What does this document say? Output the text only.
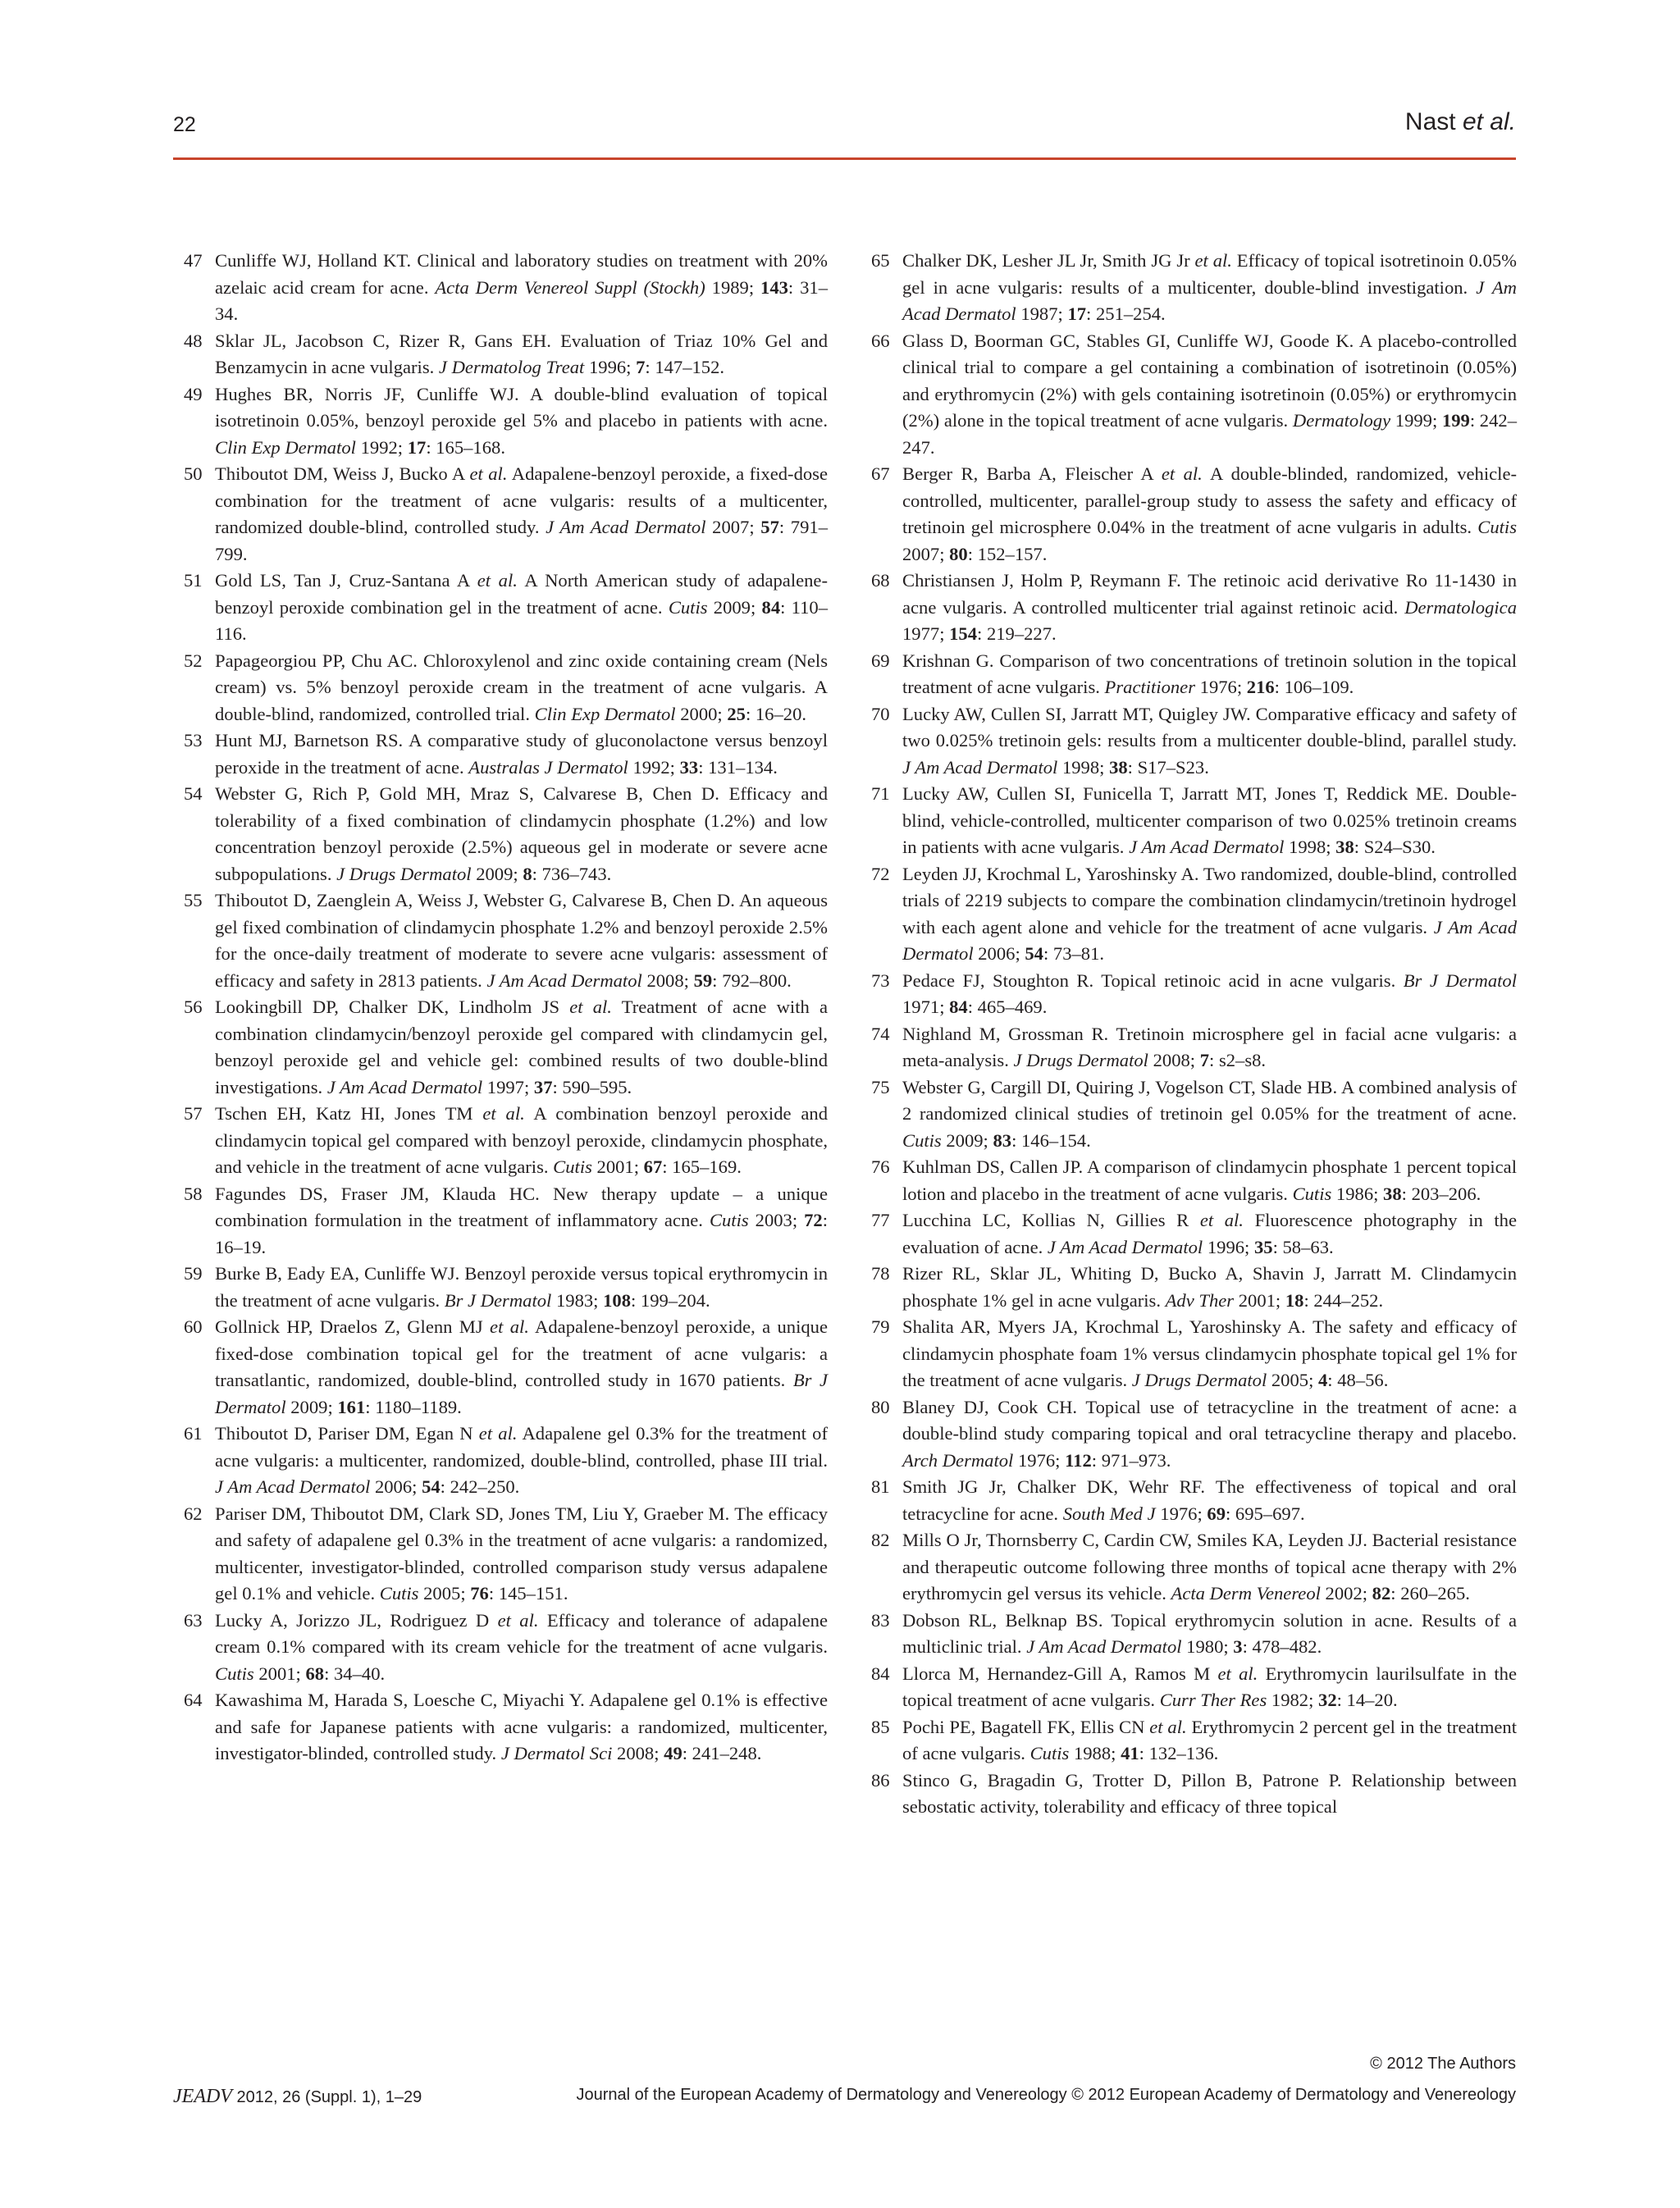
22	Nast et al.
47 Cunliffe WJ, Holland KT. Clinical and laboratory studies on treatment with 20% azelaic acid cream for acne. Acta Derm Venereol Suppl (Stockh) 1989; 143: 31–34.
48 Sklar JL, Jacobson C, Rizer R, Gans EH. Evaluation of Triaz 10% Gel and Benzamycin in acne vulgaris. J Dermatolog Treat 1996; 7: 147–152.
49 Hughes BR, Norris JF, Cunliffe WJ. A double-blind evaluation of topical isotretinoin 0.05%, benzoyl peroxide gel 5% and placebo in patients with acne. Clin Exp Dermatol 1992; 17: 165–168.
50 Thiboutot DM, Weiss J, Bucko A et al. Adapalene-benzoyl peroxide, a fixed-dose combination for the treatment of acne vulgaris: results of a multicenter, randomized double-blind, controlled study. J Am Acad Dermatol 2007; 57: 791–799.
51 Gold LS, Tan J, Cruz-Santana A et al. A North American study of adapalene-benzoyl peroxide combination gel in the treatment of acne. Cutis 2009; 84: 110–116.
52 Papageorgiou PP, Chu AC. Chloroxylenol and zinc oxide containing cream (Nels cream) vs. 5% benzoyl peroxide cream in the treatment of acne vulgaris. A double-blind, randomized, controlled trial. Clin Exp Dermatol 2000; 25: 16–20.
53 Hunt MJ, Barnetson RS. A comparative study of gluconolactone versus benzoyl peroxide in the treatment of acne. Australas J Dermatol 1992; 33: 131–134.
54 Webster G, Rich P, Gold MH, Mraz S, Calvarese B, Chen D. Efficacy and tolerability of a fixed combination of clindamycin phosphate (1.2%) and low concentration benzoyl peroxide (2.5%) aqueous gel in moderate or severe acne subpopulations. J Drugs Dermatol 2009; 8: 736–743.
55 Thiboutot D, Zaenglein A, Weiss J, Webster G, Calvarese B, Chen D. An aqueous gel fixed combination of clindamycin phosphate 1.2% and benzoyl peroxide 2.5% for the once-daily treatment of moderate to severe acne vulgaris: assessment of efficacy and safety in 2813 patients. J Am Acad Dermatol 2008; 59: 792–800.
56 Lookingbill DP, Chalker DK, Lindholm JS et al. Treatment of acne with a combination clindamycin/benzoyl peroxide gel compared with clindamycin gel, benzoyl peroxide gel and vehicle gel: combined results of two double-blind investigations. J Am Acad Dermatol 1997; 37: 590–595.
57 Tschen EH, Katz HI, Jones TM et al. A combination benzoyl peroxide and clindamycin topical gel compared with benzoyl peroxide, clindamycin phosphate, and vehicle in the treatment of acne vulgaris. Cutis 2001; 67: 165–169.
58 Fagundes DS, Fraser JM, Klauda HC. New therapy update – a unique combination formulation in the treatment of inflammatory acne. Cutis 2003; 72: 16–19.
59 Burke B, Eady EA, Cunliffe WJ. Benzoyl peroxide versus topical erythromycin in the treatment of acne vulgaris. Br J Dermatol 1983; 108: 199–204.
60 Gollnick HP, Draelos Z, Glenn MJ et al. Adapalene-benzoyl peroxide, a unique fixed-dose combination topical gel for the treatment of acne vulgaris: a transatlantic, randomized, double-blind, controlled study in 1670 patients. Br J Dermatol 2009; 161: 1180–1189.
61 Thiboutot D, Pariser DM, Egan N et al. Adapalene gel 0.3% for the treatment of acne vulgaris: a multicenter, randomized, double-blind, controlled, phase III trial. J Am Acad Dermatol 2006; 54: 242–250.
62 Pariser DM, Thiboutot DM, Clark SD, Jones TM, Liu Y, Graeber M. The efficacy and safety of adapalene gel 0.3% in the treatment of acne vulgaris: a randomized, multicenter, investigator-blinded, controlled comparison study versus adapalene gel 0.1% and vehicle. Cutis 2005; 76: 145–151.
63 Lucky A, Jorizzo JL, Rodriguez D et al. Efficacy and tolerance of adapalene cream 0.1% compared with its cream vehicle for the treatment of acne vulgaris. Cutis 2001; 68: 34–40.
64 Kawashima M, Harada S, Loesche C, Miyachi Y. Adapalene gel 0.1% is effective and safe for Japanese patients with acne vulgaris: a randomized, multicenter, investigator-blinded, controlled study. J Dermatol Sci 2008; 49: 241–248.
65 Chalker DK, Lesher JL Jr, Smith JG Jr et al. Efficacy of topical isotretinoin 0.05% gel in acne vulgaris: results of a multicenter, double-blind investigation. J Am Acad Dermatol 1987; 17: 251–254.
66 Glass D, Boorman GC, Stables GI, Cunliffe WJ, Goode K. A placebo-controlled clinical trial to compare a gel containing a combination of isotretinoin (0.05%) and erythromycin (2%) with gels containing isotretinoin (0.05%) or erythromycin (2%) alone in the topical treatment of acne vulgaris. Dermatology 1999; 199: 242–247.
67 Berger R, Barba A, Fleischer A et al. A double-blinded, randomized, vehicle-controlled, multicenter, parallel-group study to assess the safety and efficacy of tretinoin gel microsphere 0.04% in the treatment of acne vulgaris in adults. Cutis 2007; 80: 152–157.
68 Christiansen J, Holm P, Reymann F. The retinoic acid derivative Ro 11-1430 in acne vulgaris. A controlled multicenter trial against retinoic acid. Dermatologica 1977; 154: 219–227.
69 Krishnan G. Comparison of two concentrations of tretinoin solution in the topical treatment of acne vulgaris. Practitioner 1976; 216: 106–109.
70 Lucky AW, Cullen SI, Jarratt MT, Quigley JW. Comparative efficacy and safety of two 0.025% tretinoin gels: results from a multicenter double-blind, parallel study. J Am Acad Dermatol 1998; 38: S17–S23.
71 Lucky AW, Cullen SI, Funicella T, Jarratt MT, Jones T, Reddick ME. Double-blind, vehicle-controlled, multicenter comparison of two 0.025% tretinoin creams in patients with acne vulgaris. J Am Acad Dermatol 1998; 38: S24–S30.
72 Leyden JJ, Krochmal L, Yaroshinsky A. Two randomized, double-blind, controlled trials of 2219 subjects to compare the combination clindamycin/tretinoin hydrogel with each agent alone and vehicle for the treatment of acne vulgaris. J Am Acad Dermatol 2006; 54: 73–81.
73 Pedace FJ, Stoughton R. Topical retinoic acid in acne vulgaris. Br J Dermatol 1971; 84: 465–469.
74 Nighland M, Grossman R. Tretinoin microsphere gel in facial acne vulgaris: a meta-analysis. J Drugs Dermatol 2008; 7: s2–s8.
75 Webster G, Cargill DI, Quiring J, Vogelson CT, Slade HB. A combined analysis of 2 randomized clinical studies of tretinoin gel 0.05% for the treatment of acne. Cutis 2009; 83: 146–154.
76 Kuhlman DS, Callen JP. A comparison of clindamycin phosphate 1 percent topical lotion and placebo in the treatment of acne vulgaris. Cutis 1986; 38: 203–206.
77 Lucchina LC, Kollias N, Gillies R et al. Fluorescence photography in the evaluation of acne. J Am Acad Dermatol 1996; 35: 58–63.
78 Rizer RL, Sklar JL, Whiting D, Bucko A, Shavin J, Jarratt M. Clindamycin phosphate 1% gel in acne vulgaris. Adv Ther 2001; 18: 244–252.
79 Shalita AR, Myers JA, Krochmal L, Yaroshinsky A. The safety and efficacy of clindamycin phosphate foam 1% versus clindamycin phosphate topical gel 1% for the treatment of acne vulgaris. J Drugs Dermatol 2005; 4: 48–56.
80 Blaney DJ, Cook CH. Topical use of tetracycline in the treatment of acne: a double-blind study comparing topical and oral tetracycline therapy and placebo. Arch Dermatol 1976; 112: 971–973.
81 Smith JG Jr, Chalker DK, Wehr RF. The effectiveness of topical and oral tetracycline for acne. South Med J 1976; 69: 695–697.
82 Mills O Jr, Thornsberry C, Cardin CW, Smiles KA, Leyden JJ. Bacterial resistance and therapeutic outcome following three months of topical acne therapy with 2% erythromycin gel versus its vehicle. Acta Derm Venereol 2002; 82: 260–265.
83 Dobson RL, Belknap BS. Topical erythromycin solution in acne. Results of a multiclinic trial. J Am Acad Dermatol 1980; 3: 478–482.
84 Llorca M, Hernandez-Gill A, Ramos M et al. Erythromycin laurilsulfate in the topical treatment of acne vulgaris. Curr Ther Res 1982; 32: 14–20.
85 Pochi PE, Bagatell FK, Ellis CN et al. Erythromycin 2 percent gel in the treatment of acne vulgaris. Cutis 1988; 41: 132–136.
86 Stinco G, Bragadin G, Trotter D, Pillon B, Patrone P. Relationship between sebostatic activity, tolerability and efficacy of three topical
© 2012 The Authors
JEADV 2012, 26 (Suppl. 1), 1–29	Journal of the European Academy of Dermatology and Venereology © 2012 European Academy of Dermatology and Venereology
